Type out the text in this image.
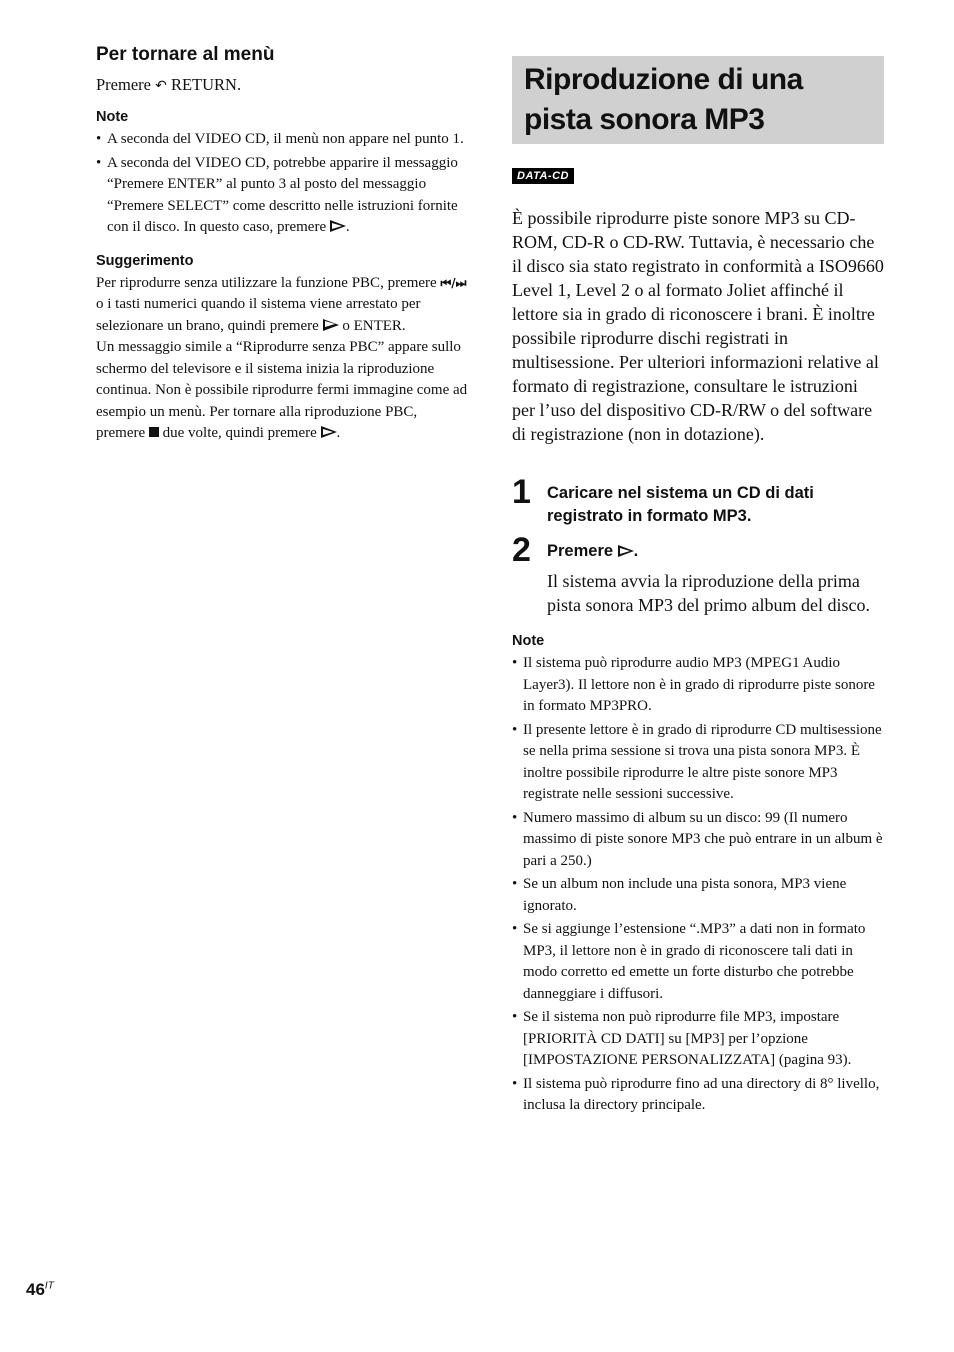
Per tornare al menù

Premere ↶ RETURN.

Note
• A seconda del VIDEO CD, il menù non appare nel punto 1.
• A seconda del VIDEO CD, potrebbe apparire il messaggio “Premere ENTER” al punto 3 al posto del messaggio “Premere SELECT” come descritto nelle istruzioni fornite con il disco. In questo caso, premere .
Suggerimento

Per riprodurre senza utilizzare la funzione PBC, premere ⏮/⏭ o i tasti numerici quando il sistema viene arrestato per selezionare un brano, quindi premere  o ENTER.

Un messaggio simile a “Riprodurre senza PBC” appare sullo schermo del televisore e il sistema inizia la riproduzione continua. Non è possibile riprodurre fermi immagine come ad esempio un menù. Per tornare alla riproduzione PBC, premere  due volte, quindi premere .

Riproduzione di una pista sonora MP3
DATA-CD
È possibile riprodurre piste sonore MP3 su CD-ROM, CD-R o CD-RW. Tuttavia, è necessario che il disco sia stato registrato in conformità a ISO9660 Level 1, Level 2 o al formato Joliet affinché il lettore sia in grado di riconoscere i brani. È inoltre possibile riprodurre dischi registrati in multisessione. Per ulteriori informazioni relative al formato di registrazione, consultare le istruzioni per l’uso del dispositivo CD-R/RW o del software di registrazione (non in dotazione).
1 Caricare nel sistema un CD di dati registrato in formato MP3.
2 Premere .
Il sistema avvia la riproduzione della prima pista sonora MP3 del primo album del disco.
Note
• Il sistema può riprodurre audio MP3 (MPEG1 Audio Layer3). Il lettore non è in grado di riprodurre piste sonore in formato MP3PRO.
• Il presente lettore è in grado di riprodurre CD multisessione se nella prima sessione si trova una pista sonora MP3. È inoltre possibile riprodurre le altre piste sonore MP3 registrate nelle sessioni successive.
• Numero massimo di album su un disco: 99 (Il numero massimo di piste sonore MP3 che può entrare in un album è pari a 250.)
• Se un album non include una pista sonora, MP3 viene ignorato.
• Se si aggiunge l’estensione “.MP3” a dati non in formato MP3, il lettore non è in grado di riconoscere tali dati in modo corretto ed emette un forte disturbo che potrebbe danneggiare i diffusori.
• Se il sistema non può riprodurre file MP3, impostare [PRIORITÀ CD DATI] su [MP3] per l’opzione [IMPOSTAZIONE PERSONALIZZATA] (pagina 93).
• Il sistema può riprodurre fino ad una directory di 8° livello, inclusa la directory principale.
$46^{IT}$
